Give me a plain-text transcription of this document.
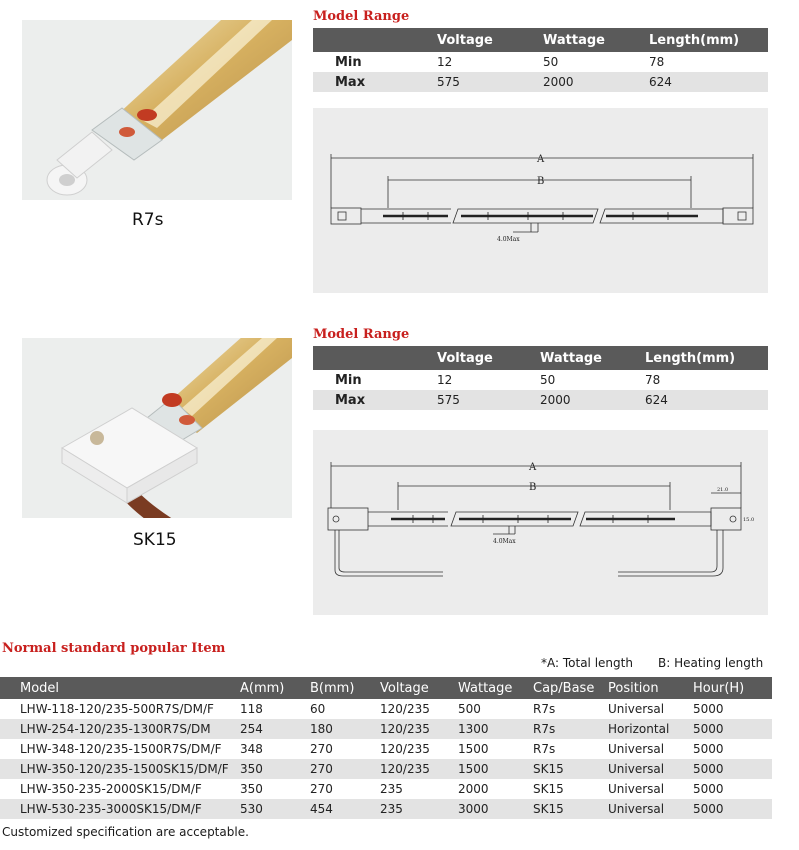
R7s
Model Range
	Voltage	Wattage	Length(mm)
Min	12	50	78
Max	575	2000	624
A
B
4.0Max
SK15
Model Range
	Voltage	Wattage	Length(mm)
Min	12	50	78
Max	575	2000	624
A
B
4.0Max
21.0
15.0
Normal standard popular Item
*A: Total length B: Heating length
Model	A(mm)	B(mm)	Voltage	Wattage	Cap/Base	Position	Hour(H)
LHW-118-120/235-500R7S/DM/F	118	60	120/235	500	R7s	Universal	5000
LHW-254-120/235-1300R7S/DM	254	180	120/235	1300	R7s	Horizontal	5000
LHW-348-120/235-1500R7S/DM/F	348	270	120/235	1500	R7s	Universal	5000
LHW-350-120/235-1500SK15/DM/F	350	270	120/235	1500	SK15	Universal	5000
LHW-350-235-2000SK15/DM/F	350	270	235	2000	SK15	Universal	5000
LHW-530-235-3000SK15/DM/F	530	454	235	3000	SK15	Universal	5000
Customized specification are acceptable.
